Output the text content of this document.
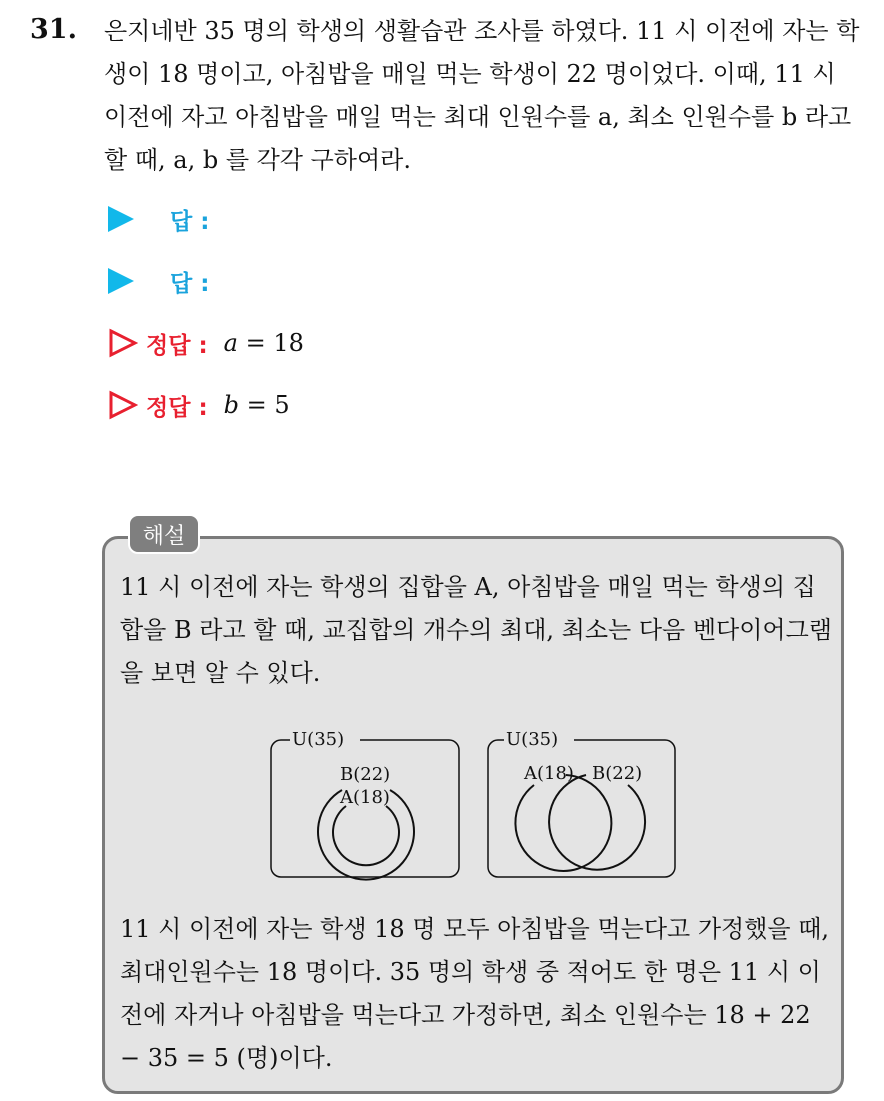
31. 은지네반 35 명의 학생의 생활습관 조사를 하였다. 11 시 이전에 자는 학생이 18 명이고, 아침밥을 매일 먹는 학생이 22 명이었다. 이때, 11 시 이전에 자고 아침밥을 매일 먹는 최대 인원수를 a, 최소 인원수를 b 라고 할 때, a, b 를 각각 구하여라.

답 :
답 :
정답 : a = 18
정답 : b = 5
해설

11 시 이전에 자는 학생의 집합을 A, 아침밥을 매일 먹는 학생의 집합을 B 라고 할 때, 교집합의 개수의 최대, 최소는 다음 벤다이어그램을 보면 알 수 있다.

U(35)
B(22)
A(18)
U(35)
A(18) B(22)

11 시 이전에 자는 학생 18 명 모두 아침밥을 먹는다고 가정했을 때, 최대인원수는 18 명이다. 35 명의 학생 중 적어도 한 명은 11 시 이전에 자거나 아침밥을 먹는다고 가정하면, 최소 인원수는 18 + 22 − 35 = 5 (명)이다.
